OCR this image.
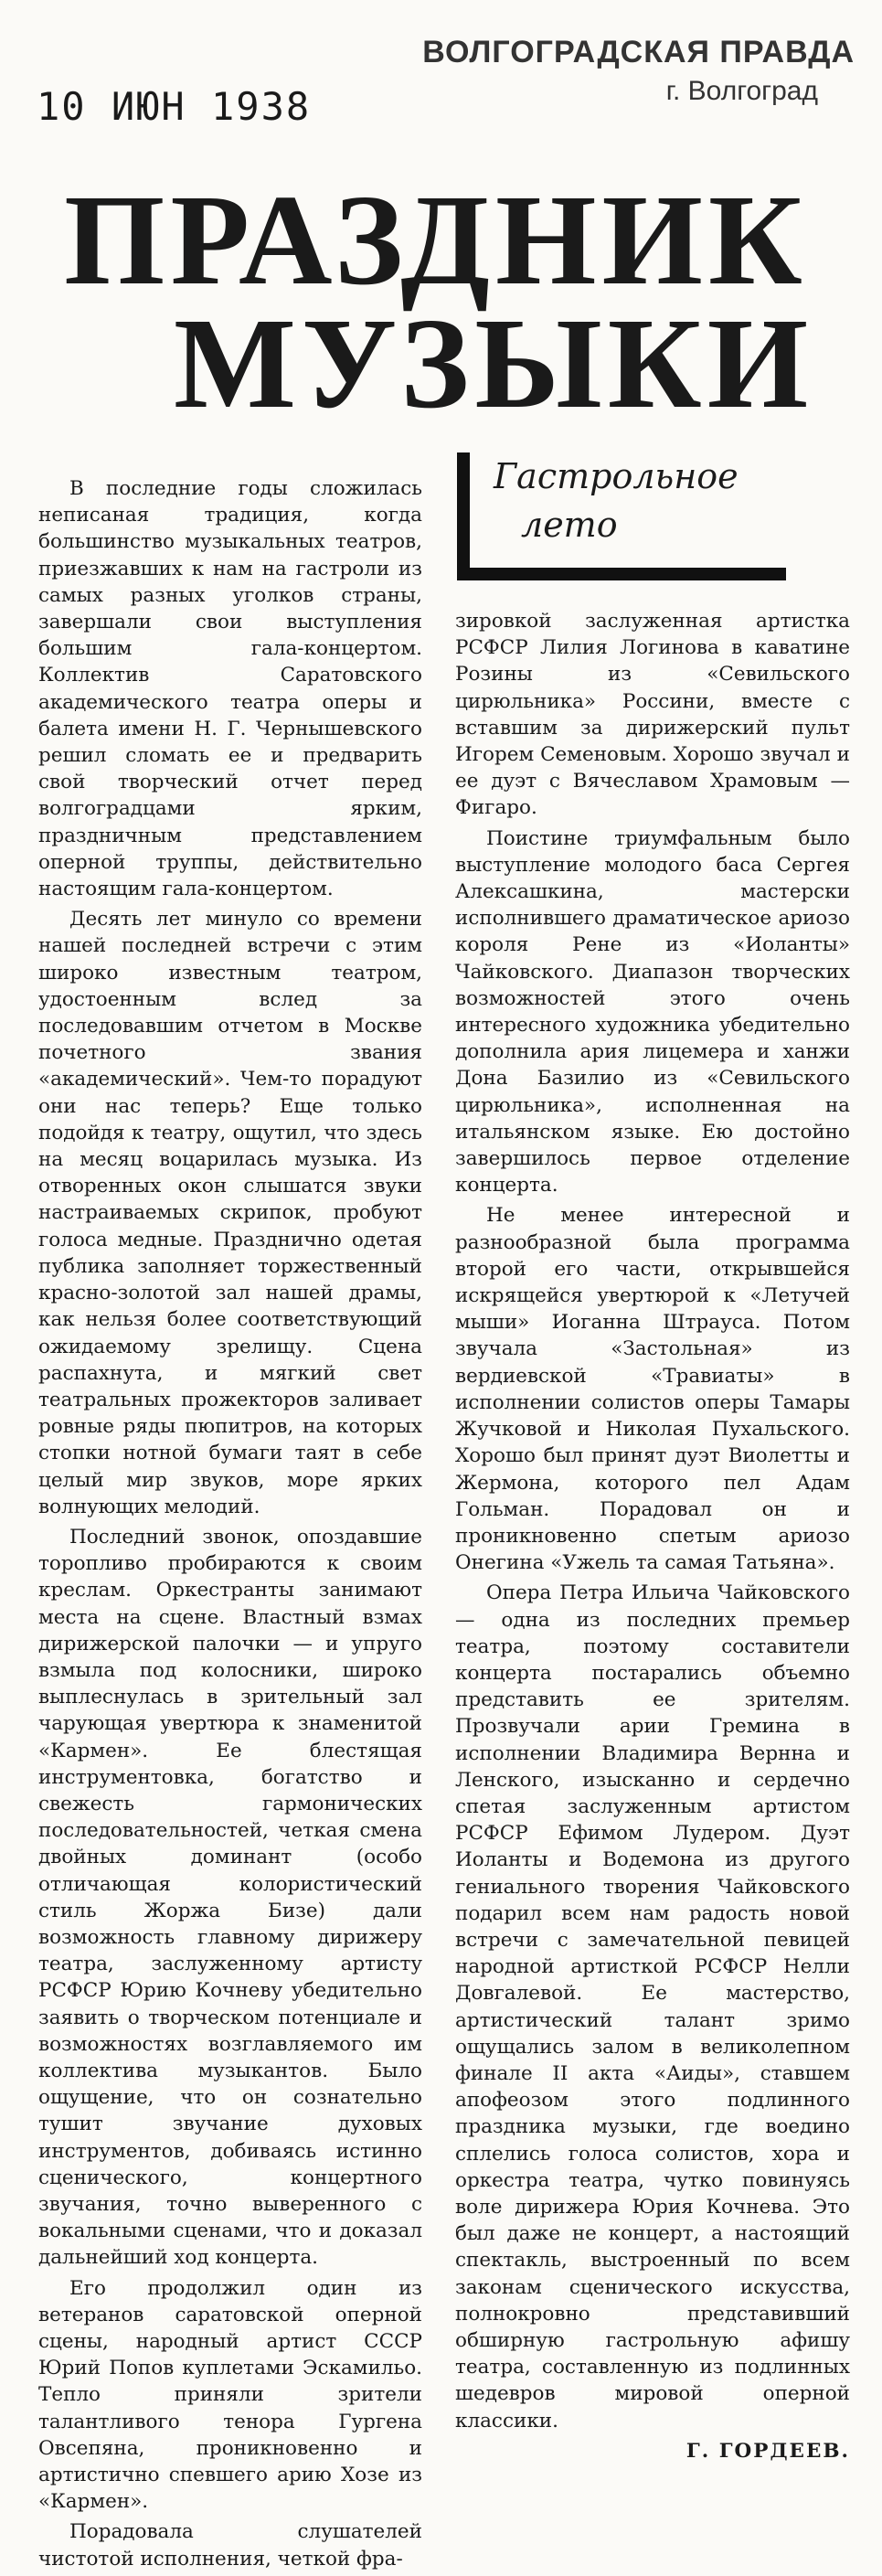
10 ИЮН 1938
ВОЛГОГРАДСКАЯ ПРАВДА
г. Волгоград
ПРАЗДНИК
МУЗЫКИ
Гастрольное
лето

В последние годы сложилась неписаная традиция, когда большинство музыкальных театров, приезжавших к нам на гастроли из самых разных уголков страны, завершали свои выступления большим гала-концертом. Коллектив Саратовского академического театра оперы и балета имени Н. Г. Чернышевского решил сломать ее и предварить свой творческий отчет перед волгоградцами ярким, праздничным представлением оперной труппы, действительно настоящим гала-концертом.

Десять лет минуло со времени нашей последней встречи с этим широко известным театром, удостоенным вслед за последовавшим отчетом в Москве почетного звания «академический». Чем-то порадуют они нас теперь? Еще только подойдя к театру, ощутил, что здесь на месяц воцарилась музыка. Из отворенных окон слышатся звуки настраиваемых скрипок, пробуют голоса медные. Празднично одетая публика заполняет торжественный красно-золотой зал нашей драмы, как нельзя более соответствующий ожидаемому зрелищу. Сцена распахнута, и мягкий свет театральных прожекторов заливает ровные ряды пюпитров, на которых стопки нотной бумаги таят в себе целый мир звуков, море ярких волнующих мелодий.

Последний звонок, опоздавшие торопливо пробираются к своим креслам. Оркестранты занимают места на сцене. Властный взмах дирижерской палочки — и упруго взмыла под колосники, широко выплеснулась в зрительный зал чарующая увертюра к знаменитой «Кармен». Ее блестящая инструментовка, богатство и свежесть гармонических последовательностей, четкая смена двойных доминант (особо отличающая колористический стиль Жоржа Бизе) дали возможность главному дирижеру театра, заслуженному артисту РСФСР Юрию Кочневу убедительно заявить о творческом потенциале и возможностях возглавляемого им коллектива музыкантов. Было ощущение, что он сознательно тушит звучание духовых инструментов, добиваясь истинно сценического, концертного звучания, точно выверенного с вокальными сценами, что и доказал дальнейший ход концерта.

Его продолжил один из ветеранов саратовской оперной сцены, народный артист СССР Юрий Попов куплетами Эскамильо. Тепло приняли зрители талантливого тенора Гургена Овсепяна, проникновенно и артистично спевшего арию Хозе из «Кармен».

Порадовала слушателей чистотой исполнения, четкой фра-

зировкой заслуженная артистка РСФСР Лилия Логинова в каватине Розины из «Севильского цирюльника» Россини, вместе с вставшим за дирижерский пульт Игорем Семеновым. Хорошо звучал и ее дуэт с Вячеславом Храмовым — Фигаро.

Поистине триумфальным было выступление молодого баса Сергея Алексашкина, мастерски исполнившего драматическое ариозо короля Рене из «Иоланты» Чайковского. Диапазон творческих возможностей этого очень интересного художника убедительно дополнила ария лицемера и ханжи Дона Базилио из «Севильского цирюльника», исполненная на итальянском языке. Ею достойно завершилось первое отделение концерта.

Не менее интересной и разнообразной была программа второй его части, открывшейся искрящейся увертюрой к «Летучей мыши» Иоганна Штрауса. Потом звучала «Застольная» из вердиевской «Травиаты» в исполнении солистов оперы Тамары Жучковой и Николая Пухальского. Хорошо был принят дуэт Виолетты и Жермона, которого пел Адам Гольман. Порадовал он и проникновенно спетым ариозо Онегина «Ужель та самая Татьяна».

Опера Петра Ильича Чайковского — одна из последних премьер театра, поэтому составители концерта постарались объемно представить ее зрителям. Прозвучали арии Гремина в исполнении Владимира Вернна и Ленского, изысканно и сердечно спетая заслуженным артистом РСФСР Ефимом Лудером. Дуэт Иоланты и Водемона из другого гениального творения Чайковского подарил всем нам радость новой встречи с замечательной певицей народной артисткой РСФСР Нелли Довгалевой. Ее мастерство, артистический талант зримо ощущались залом в великолепном финале II акта «Аиды», ставшем апофеозом этого подлинного праздника музыки, где воедино сплелись голоса солистов, хора и оркестра театра, чутко повинуясь воле дирижера Юрия Кочнева. Это был даже не концерт, а настоящий спектакль, выстроенный по всем законам сценического искусства, полнокровно представивший обширную гастрольную афишу театра, составленную из подлинных шедевров мировой оперной классики.

Г. ГОРДЕЕВ.
